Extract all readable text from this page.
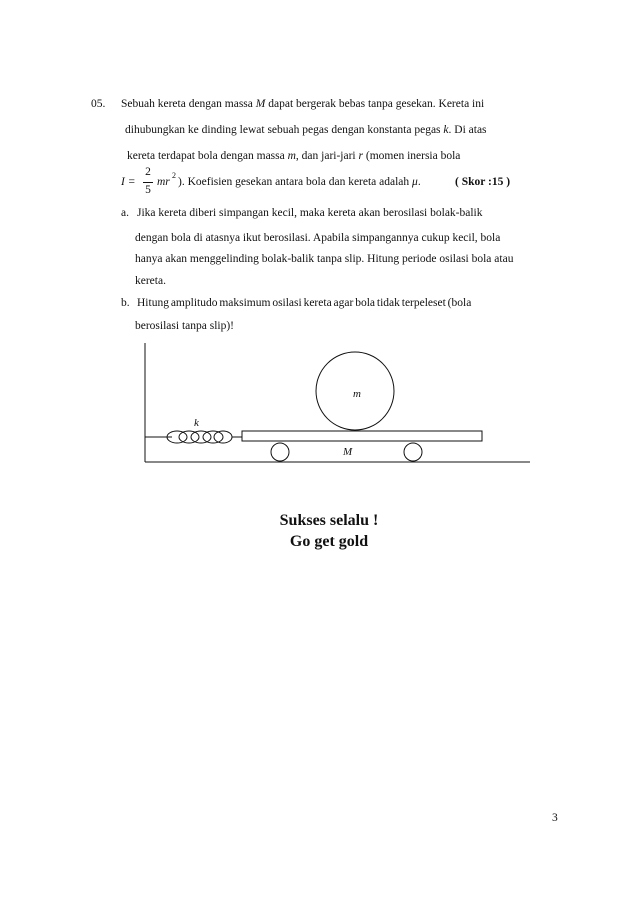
05. Sebuah kereta dengan massa M dapat bergerak bebas tanpa gesekan. Kereta ini
dihubungkan ke dinding lewat sebuah pegas dengan konstanta pegas k. Di atas
kereta terdapat bola dengan massa m, dan jari-jari r (momen inersia bola
I =
2
5
mr
2
). Koefisien gesekan antara bola dan kereta adalah μ.	( Skor :15 )
a. Jika kereta diberi simpangan kecil, maka kereta akan berosilasi bolak-balik
dengan bola di atasnya ikut berosilasi. Apabila simpangannya cukup kecil, bola
hanya akan menggelinding bolak-balik tanpa slip. Hitung periode osilasi bola atau
kereta.
b. Hitung amplitudo maksimum osilasi kereta agar bola tidak terpeleset (bola
berosilasi tanpa slip)!
m
k
M
Sukses selalu !
Go get gold
3
